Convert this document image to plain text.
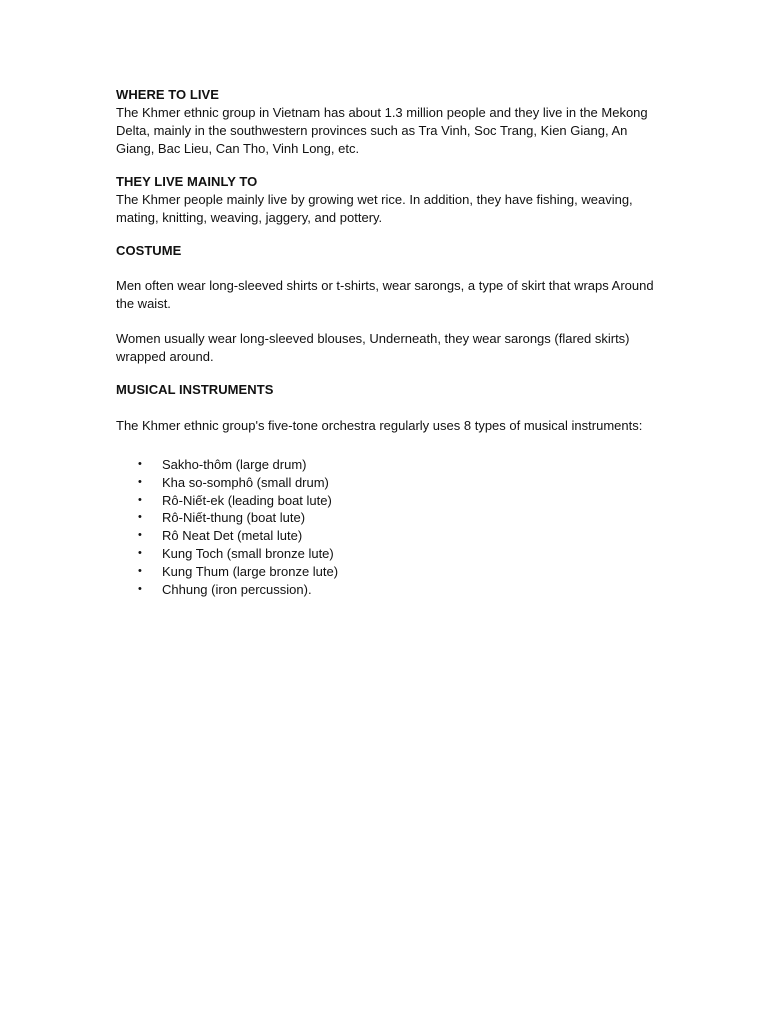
WHERE TO LIVE

The Khmer ethnic group in Vietnam has about 1.3 million people and they live in the Mekong Delta, mainly in the southwestern provinces such as Tra Vinh, Soc Trang, Kien Giang, An Giang, Bac Lieu, Can Tho, Vinh Long, etc.

THEY LIVE MAINLY TO

The Khmer people mainly live by growing wet rice. In addition, they have fishing, weaving, mating, knitting, weaving, jaggery, and pottery.

COSTUME

Men often wear long-sleeved shirts or t-shirts, wear sarongs, a type of skirt that wraps Around the waist.

Women usually wear long-sleeved blouses, Underneath, they wear sarongs (flared skirts) wrapped around.

MUSICAL INSTRUMENTS

The Khmer ethnic group's five-tone orchestra regularly uses 8 types of musical instruments:

• Sakho-thôm (large drum)
• Kha so-somphô (small drum)
• Rô-Niết-ek (leading boat lute)
• Rô-Niết-thung (boat lute)
• Rô Neat Det (metal lute)
• Kung Toch (small bronze lute)
• Kung Thum (large bronze lute)
• Chhung (iron percussion).
